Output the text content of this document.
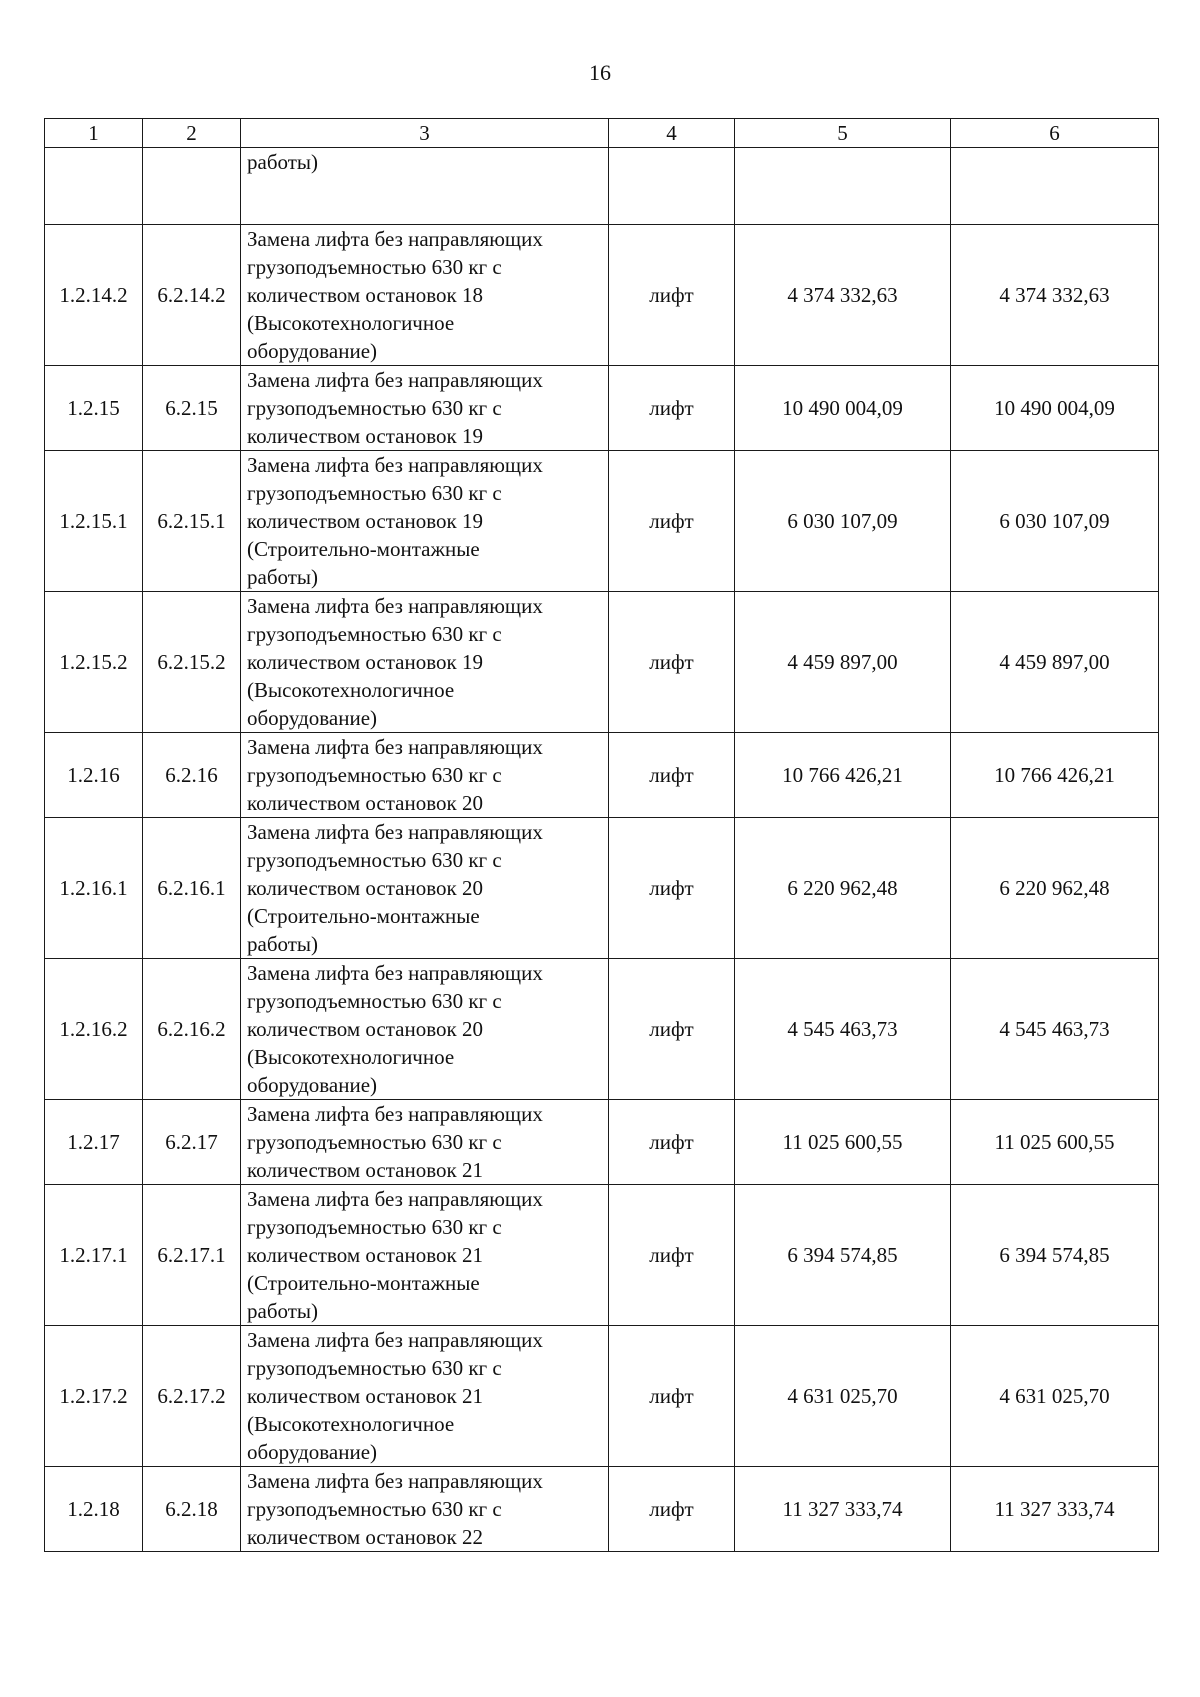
16
1	2	3	4	5	6

		работы)			

1.2.14.2	6.2.14.2	Замена лифта без направляющих
грузоподъемностью 630 кг с
количеством остановок 18
(Высокотехнологичное
оборудование)	лифт	4 374 332,63	4 374 332,63
1.2.15	6.2.15	Замена лифта без направляющих
грузоподъемностью 630 кг с
количеством остановок 19	лифт	10 490 004,09	10 490 004,09
1.2.15.1	6.2.15.1	Замена лифта без направляющих
грузоподъемностью 630 кг с
количеством остановок 19
(Строительно-монтажные
работы)	лифт	6 030 107,09	6 030 107,09
1.2.15.2	6.2.15.2	Замена лифта без направляющих
грузоподъемностью 630 кг с
количеством остановок 19
(Высокотехнологичное
оборудование)	лифт	4 459 897,00	4 459 897,00
1.2.16	6.2.16	Замена лифта без направляющих
грузоподъемностью 630 кг с
количеством остановок 20	лифт	10 766 426,21	10 766 426,21
1.2.16.1	6.2.16.1	Замена лифта без направляющих
грузоподъемностью 630 кг с
количеством остановок 20
(Строительно-монтажные
работы)	лифт	6 220 962,48	6 220 962,48
1.2.16.2	6.2.16.2	Замена лифта без направляющих
грузоподъемностью 630 кг с
количеством остановок 20
(Высокотехнологичное
оборудование)	лифт	4 545 463,73	4 545 463,73
1.2.17	6.2.17	Замена лифта без направляющих
грузоподъемностью 630 кг с
количеством остановок 21	лифт	11 025 600,55	11 025 600,55
1.2.17.1	6.2.17.1	Замена лифта без направляющих
грузоподъемностью 630 кг с
количеством остановок 21
(Строительно-монтажные
работы)	лифт	6 394 574,85	6 394 574,85
1.2.17.2	6.2.17.2	Замена лифта без направляющих
грузоподъемностью 630 кг с
количеством остановок 21
(Высокотехнологичное
оборудование)	лифт	4 631 025,70	4 631 025,70
1.2.18	6.2.18	Замена лифта без направляющих
грузоподъемностью 630 кг с
количеством остановок 22	лифт	11 327 333,74	11 327 333,74
